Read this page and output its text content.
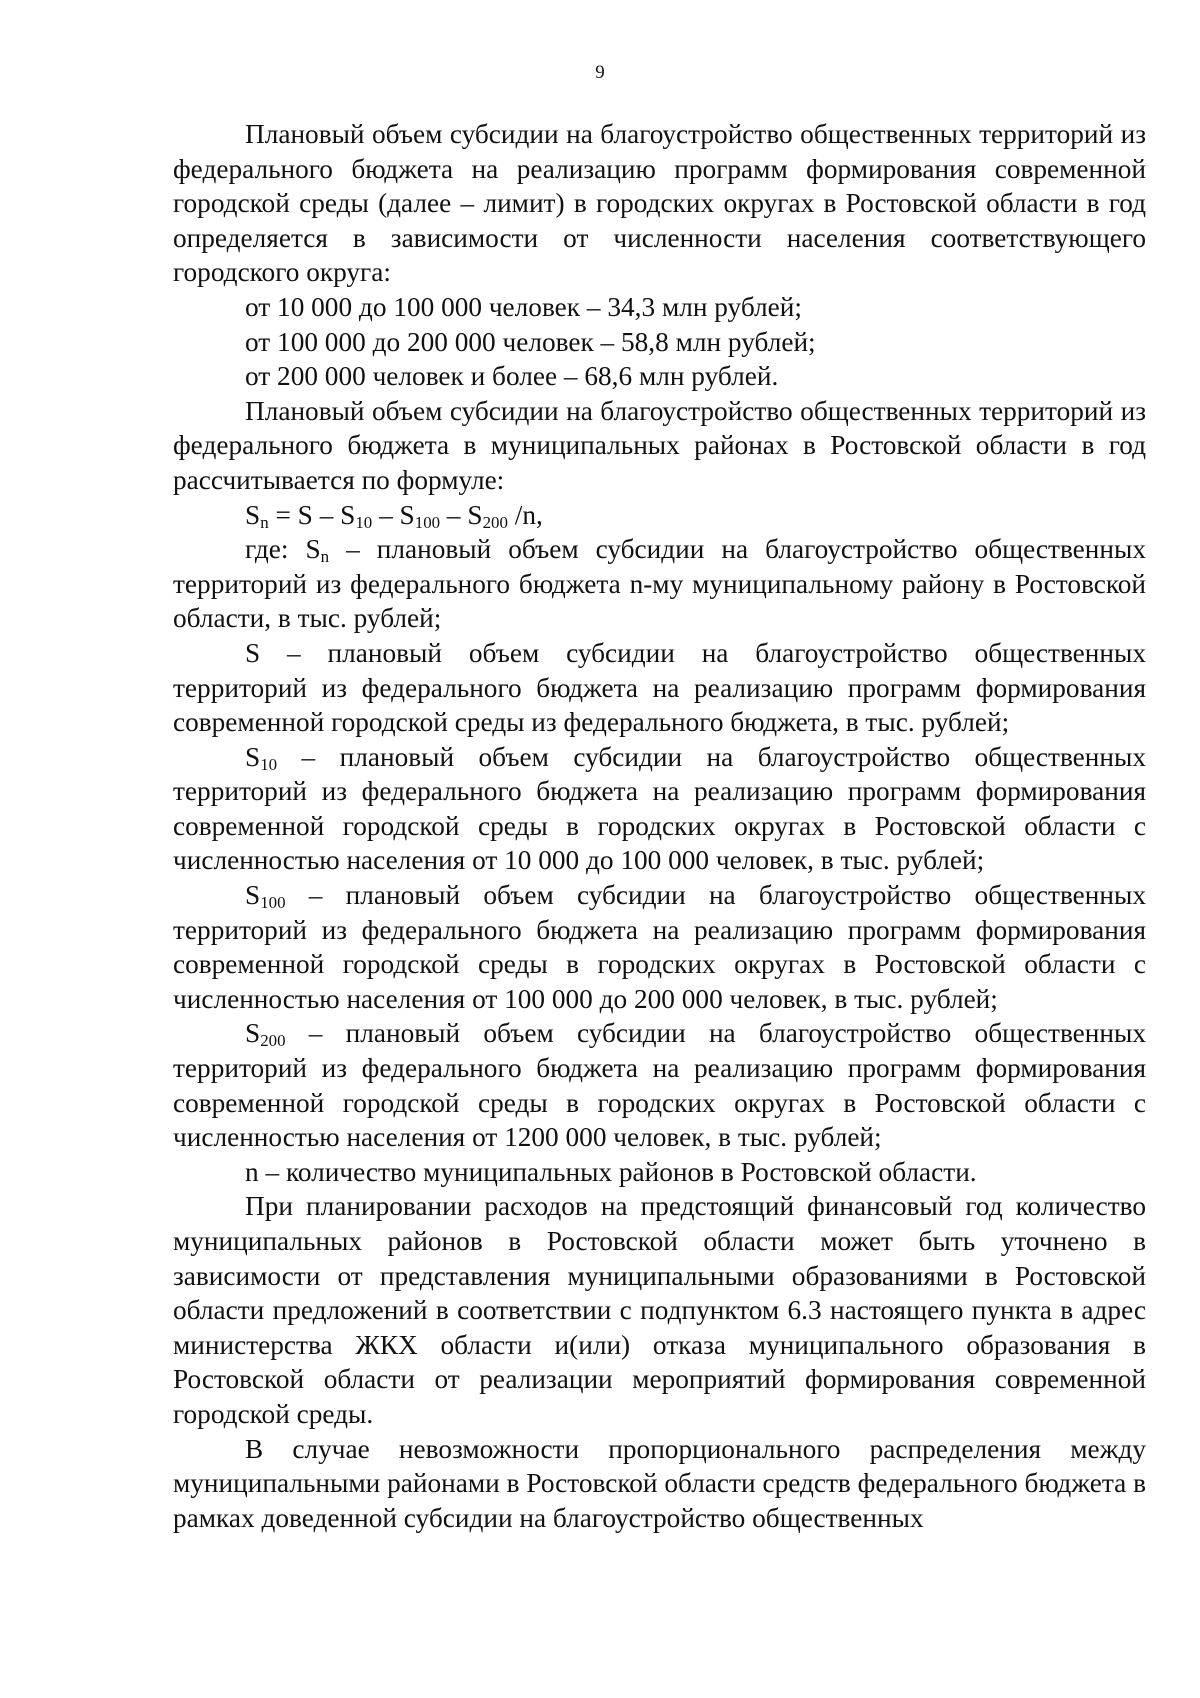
9

Плановый объем субсидии на благоустройство общественных территорий из федерального бюджета на реализацию программ формирования современной городской среды (далее – лимит) в городских округах в Ростовской области в год определяется в зависимости от численности населения соответствующего городского округа:

от 10 000 до 100 000 человек – 34,3 млн рублей;

от 100 000 до 200 000 человек – 58,8 млн рублей;

от 200 000 человек и более – 68,6 млн рублей.

Плановый объем субсидии на благоустройство общественных территорий из федерального бюджета в муниципальных районах в Ростовской области в год рассчитывается по формуле:

$S_n = S - S_{10} - S_{100} - S_{200}$ /n,

где: $S_n$ – плановый объем субсидии на благоустройство общественных территорий из федерального бюджета n-му муниципальному району в Ростовской области, в тыс. рублей;

S – плановый объем субсидии на благоустройство общественных территорий из федерального бюджета на реализацию программ формирования современной городской среды из федерального бюджета, в тыс. рублей;

$S_{10}$ – плановый объем субсидии на благоустройство общественных территорий из федерального бюджета на реализацию программ формирования современной городской среды в городских округах в Ростовской области с численностью населения от 10 000 до 100 000 человек, в тыс. рублей;

$S_{100}$ – плановый объем субсидии на благоустройство общественных территорий из федерального бюджета на реализацию программ формирования современной городской среды в городских округах в Ростовской области с численностью населения от 100 000 до 200 000 человек, в тыс. рублей;

$S_{200}$ – плановый объем субсидии на благоустройство общественных территорий из федерального бюджета на реализацию программ формирования современной городской среды в городских округах в Ростовской области с численностью населения от 1200 000 человек, в тыс. рублей;

n – количество муниципальных районов в Ростовской области.

При планировании расходов на предстоящий финансовый год количество муниципальных районов в Ростовской области может быть уточнено в зависимости от представления муниципальными образованиями в Ростовской области предложений в соответствии с подпунктом 6.3 настоящего пункта в адрес министерства ЖКХ области и(или) отказа муниципального образования в Ростовской области от реализации мероприятий формирования современной городской среды.

В случае невозможности пропорционального распределения между муниципальными районами в Ростовской области средств федерального бюджета в рамках доведенной субсидии на благоустройство общественных
